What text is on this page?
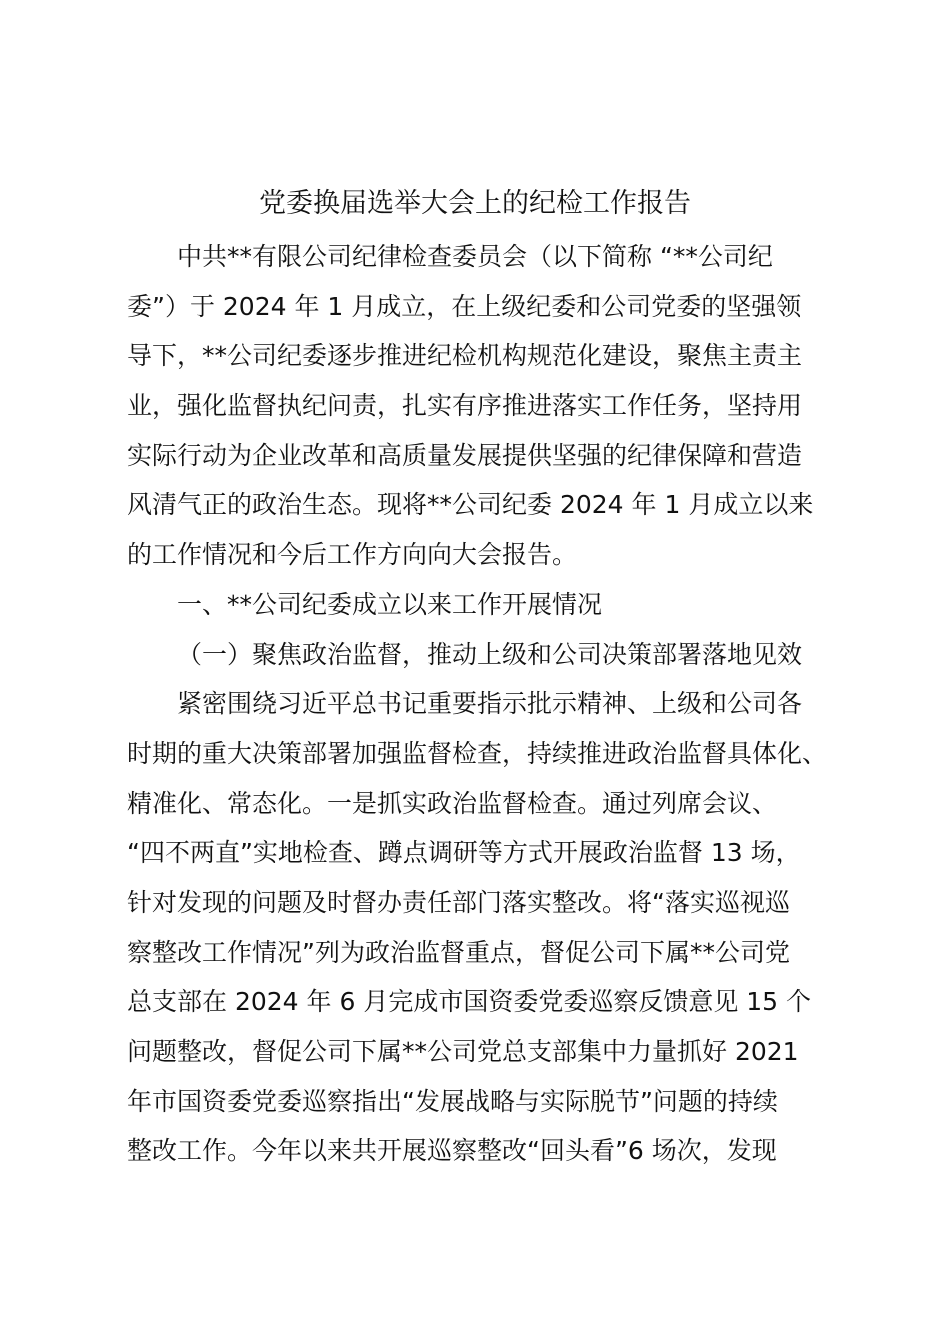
党委换届选举大会上的纪检工作报告

中共**有限公司纪律检查委员会（以下简称 “**公司纪

委”）于 2024 年 1 月成立，在上级纪委和公司党委的坚强领

导下，**公司纪委逐步推进纪检机构规范化建设，聚焦主责主

业，强化监督执纪问责，扎实有序推进落实工作任务，坚持用

实际行动为企业改革和高质量发展提供坚强的纪律保障和营造

风清气正的政治生态。现将**公司纪委 2024 年 1 月成立以来

的工作情况和今后工作方向向大会报告。

一、**公司纪委成立以来工作开展情况

（一）聚焦政治监督，推动上级和公司决策部署落地见效

紧密围绕习近平总书记重要指示批示精神、上级和公司各

时期的重大决策部署加强监督检查，持续推进政治监督具体化、

精准化、常态化。一是抓实政治监督检查。通过列席会议、

“四不两直”实地检查、蹲点调研等方式开展政治监督 13 场，

针对发现的问题及时督办责任部门落实整改。将“落实巡视巡

察整改工作情况”列为政治监督重点，督促公司下属**公司党

总支部在 2024 年 6 月完成市国资委党委巡察反馈意见 15 个

问题整改，督促公司下属**公司党总支部集中力量抓好 2021

年市国资委党委巡察指出“发展战略与实际脱节”问题的持续

整改工作。今年以来共开展巡察整改“回头看”6 场次，发现
